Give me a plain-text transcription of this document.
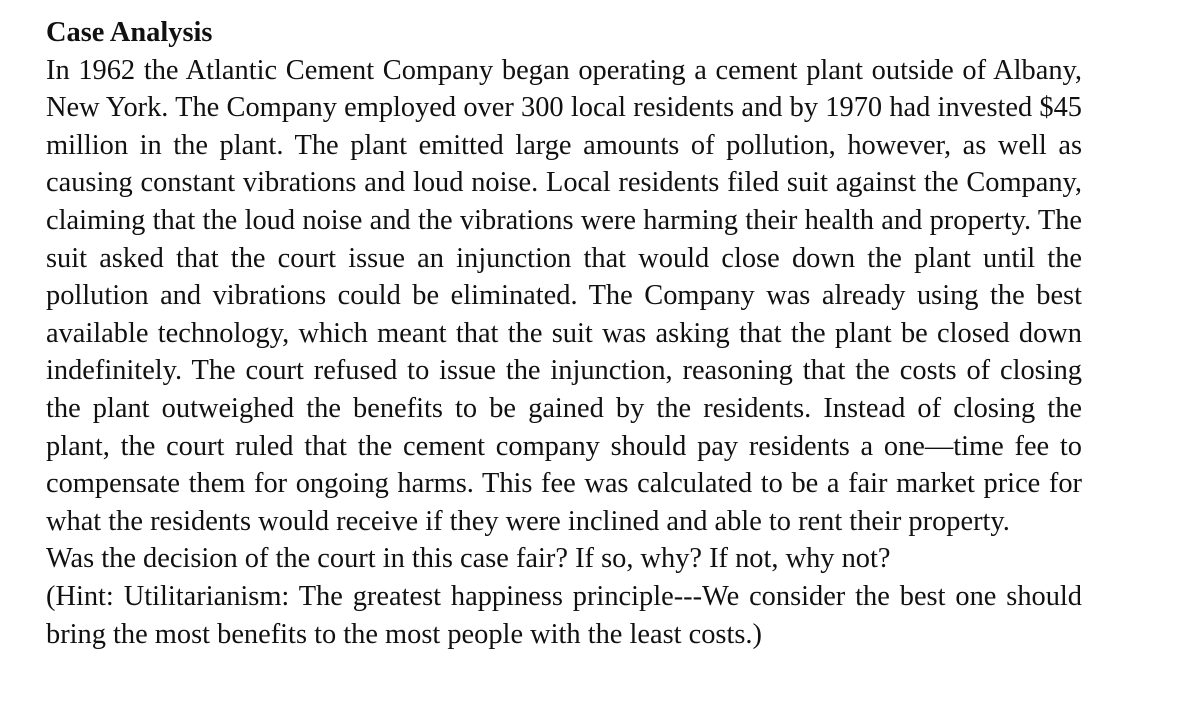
Case Analysis

In 1962 the Atlantic Cement Company began operating a cement plant outside of Albany, New York. The Company employed over 300 local residents and by 1970 had invested $45 million in the plant. The plant emitted large amounts of pollution, however, as well as causing constant vibrations and loud noise. Local residents filed suit against the Company, claiming that the loud noise and the vibrations were harming their health and property. The suit asked that the court issue an injunction that would close down the plant until the pollution and vibrations could be eliminated. The Company was already using the best available technology, which meant that the suit was asking that the plant be closed down indefinitely. The court refused to issue the injunction, reasoning that the costs of closing the plant outweighed the benefits to be gained by the residents. Instead of closing the plant, the court ruled that the cement company should pay residents a one—time fee to compensate them for ongoing harms. This fee was calculated to be a fair market price for what the residents would receive if they were inclined and able to rent their property.

Was the decision of the court in this case fair? If so, why? If not, why not?

(Hint: Utilitarianism: The greatest happiness principle---We consider the best one should bring the most benefits to the most people with the least costs.)
